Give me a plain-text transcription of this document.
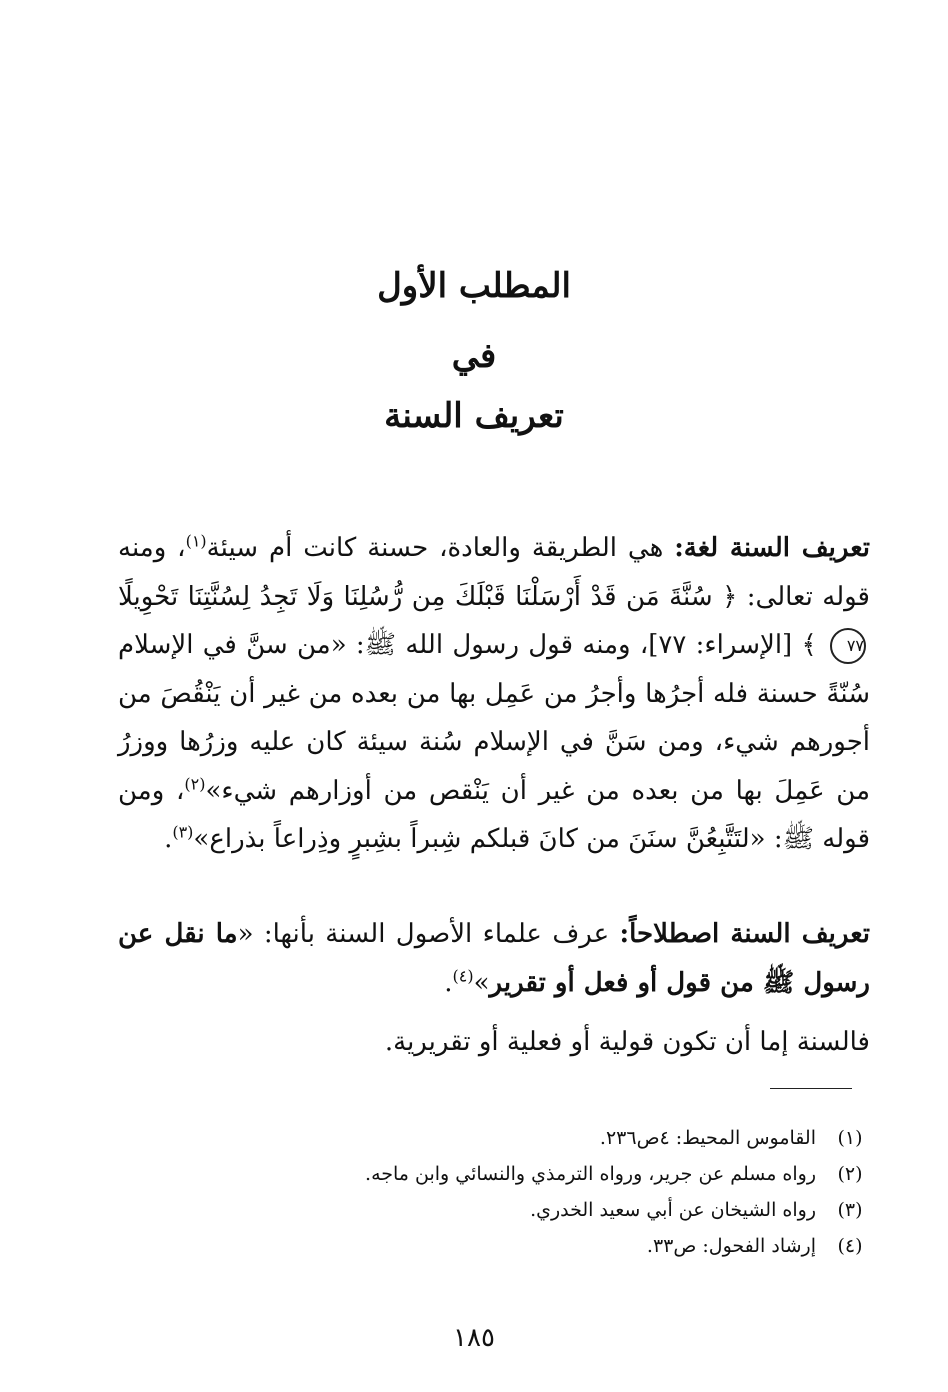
المطلب الأول
في
تعريف السنة

تعريف السنة لغة: هي الطريقة والعادة، حسنة كانت أم سيئة$^{(١)}$، ومنه قوله تعالى: ﴿ سُنَّةَ مَن قَدْ أَرْسَلْنَا قَبْلَكَ مِن رُّسُلِنَا وَلَا تَجِدُ لِسُنَّتِنَا تَحْوِيلًا٧٧ ﴾ [الإسراء: ٧٧]، ومنه قول رسول الله ﷺ: «من سنَّ في الإسلام سُنّةً حسنة فله أجرُها وأجرُ من عَمِل بها من بعده من غير أن يَنْقُصَ من أجورهم شيء، ومن سَنَّ في الإسلام سُنة سيئة كان عليه وزرُها ووزرُ من عَمِلَ بها من بعده من غير أن يَنْقص من أوزارهم شيء»$^{(٢)}$، ومن قوله ﷺ: «لتَتَّبِعُنَّ سنَنَ من كانَ قبلكم شِبراً بشِبرٍ وذِراعاً بذراع»$^{(٣)}$.

تعريف السنة اصطلاحاً: عرف علماء الأصول السنة بأنها: «ما نقل عن رسول ﷺ من قول أو فعل أو تقرير»$^{(٤)}$.

فالسنة إما أن تكون قولية أو فعلية أو تقريرية.

(١)القاموس المحيط: ٤ص٢٣٦.
(٢)رواه مسلم عن جرير، ورواه الترمذي والنسائي وابن ماجه.
(٣)رواه الشيخان عن أبي سعيد الخدري.
(٤)إرشاد الفحول: ص٣٣.
١٨٥
